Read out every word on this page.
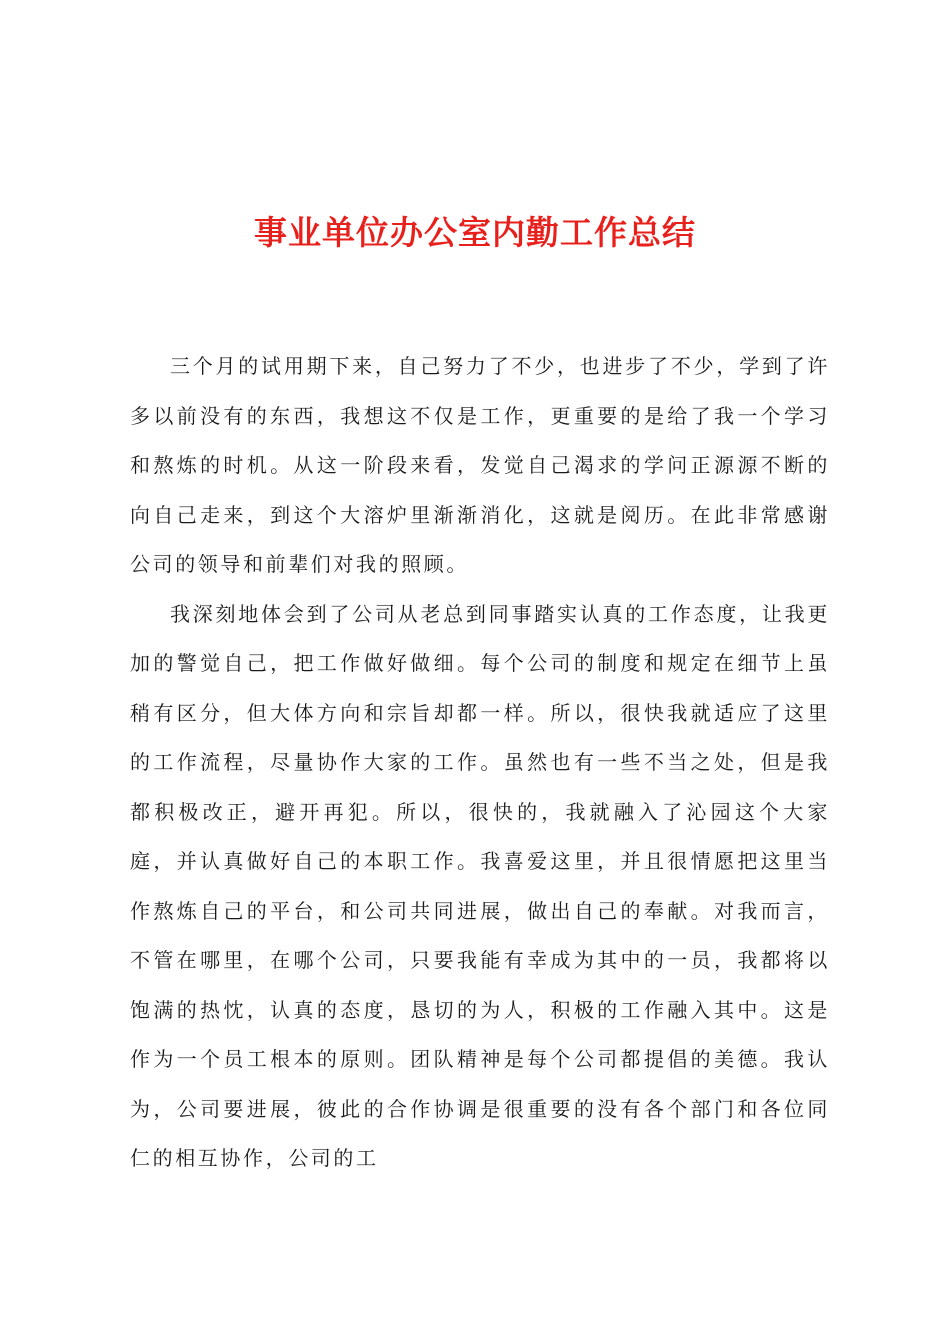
事业单位办公室内勤工作总结

三个月的试用期下来，自己努力了不少，也进步了不少，学到了许多以前没有的东西，我想这不仅是工作，更重要的是给了我一个学习和熬炼的时机。从这一阶段来看，发觉自己渴求的学问正源源不断的向自己走来，到这个大溶炉里渐渐消化，这就是阅历。在此非常感谢公司的领导和前辈们对我的照顾。

我深刻地体会到了公司从老总到同事踏实认真的工作态度，让我更加的警觉自己，把工作做好做细。每个公司的制度和规定在细节上虽稍有区分，但大体方向和宗旨却都一样。所以，很快我就适应了这里的工作流程，尽量协作大家的工作。虽然也有一些不当之处，但是我都积极改正，避开再犯。所以，很快的，我就融入了沁园这个大家庭，并认真做好自己的本职工作。我喜爱这里，并且很情愿把这里当作熬炼自己的平台，和公司共同进展，做出自己的奉献。对我而言，不管在哪里，在哪个公司，只要我能有幸成为其中的一员，我都将以饱满的热忱，认真的态度，恳切的为人，积极的工作融入其中。这是作为一个员工根本的原则。团队精神是每个公司都提倡的美德。我认为，公司要进展，彼此的合作协调是很重要的没有各个部门和各位同仁的相互协作，公司的工
